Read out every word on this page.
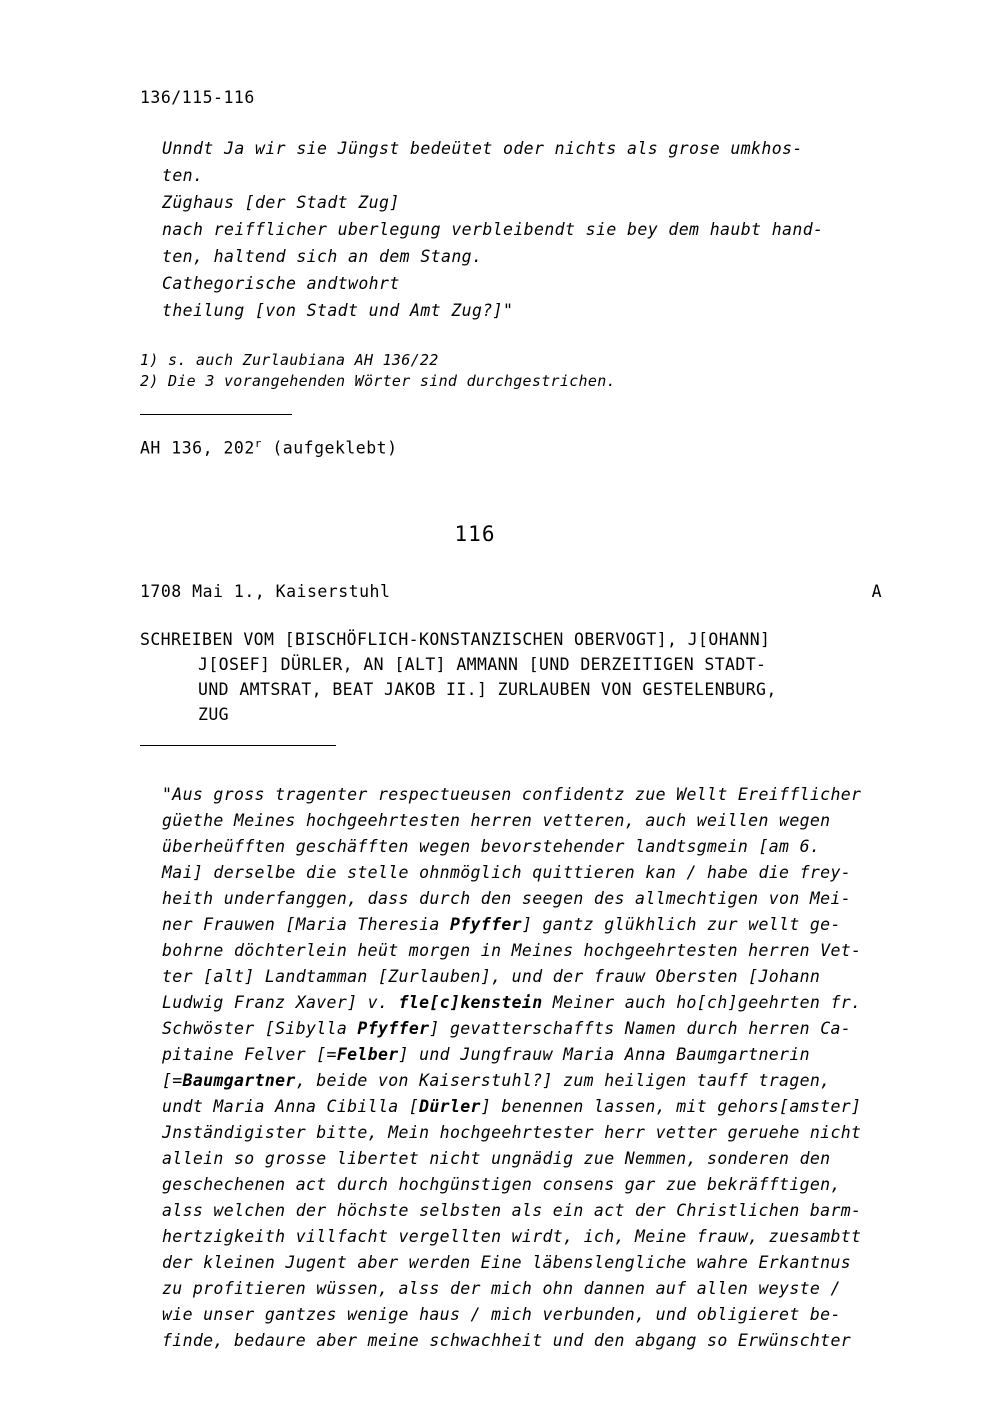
136/115-116
Unndt Ja wir sie Jüngst bedeütet oder nichts als grose umkhos-
ten.
Züghaus [der Stadt Zug]
nach reifflicher uberlegung verbleibendt sie bey dem haubt hand-
ten, haltend sich an dem Stang.
Cathegorische andtwohrt
theilung [von Stadt und Amt Zug?]"
1) s. auch Zurlaubiana AH 136/22
2) Die 3 vorangehenden Wörter sind durchgestrichen.
AH 136, 202$^r$ (aufgeklebt)
116
1708 Mai 1., Kaiserstuhl	A
SCHREIBEN VOM [BISCHÖFLICH-KONSTANZISCHEN OBERVOGT], J[OHANN]
J[OSEF] DÜRLER, AN [ALT] AMMANN [UND DERZEITIGEN STADT-
UND AMTSRAT, BEAT JAKOB II.] ZURLAUBEN VON GESTELENBURG,
ZUG
"Aus gross tragenter respectueusen confidentz zue Wellt Ereifflicher
güethe Meines hochgeehrtesten herren vetteren, auch weillen wegen
überheüfften geschäfften wegen bevorstehender landtsgmein [am 6.
Mai] derselbe die stelle ohnmöglich quittieren kan / habe die frey-
heith underfanggen, dass durch den seegen des allmechtigen von Mei-
ner Frauwen [Maria Theresia Pfyffer] gantz glükhlich zur wellt ge-
bohrne döchterlein heüt morgen in Meines hochgeehrtesten herren Vet-
ter [alt] Landtamman [Zurlauben], und der frauw Obersten [Johann
Ludwig Franz Xaver] v. fle[c]kenstein Meiner auch ho[ch]geehrten fr.
Schwöster [Sibylla Pfyffer] gevatterschaffts Namen durch herren Ca-
pitaine Felver [=Felber] und Jungfrauw Maria Anna Baumgartnerin
[=Baumgartner, beide von Kaiserstuhl?] zum heiligen tauff tragen,
undt Maria Anna Cibilla [Dürler] benennen lassen, mit gehors[amster]
Jnständigister bitte, Mein hochgeehrtester herr vetter geruehe nicht
allein so grosse libertet nicht ungnädig zue Nemmen, sonderen den
geschechenen act durch hochgünstigen consens gar zue bekräfftigen,
alss welchen der höchste selbsten als ein act der Christlichen barm-
hertzigkeith villfacht vergellten wirdt, ich, Meine frauw, zuesambtt
der kleinen Jugent aber werden Eine läbenslengliche wahre Erkantnus
zu profitieren wüssen, alss der mich ohn dannen auf allen weyste /
wie unser gantzes wenige haus / mich verbunden, und obligieret be-
finde, bedaure aber meine schwachheit und den abgang so Erwünschter
